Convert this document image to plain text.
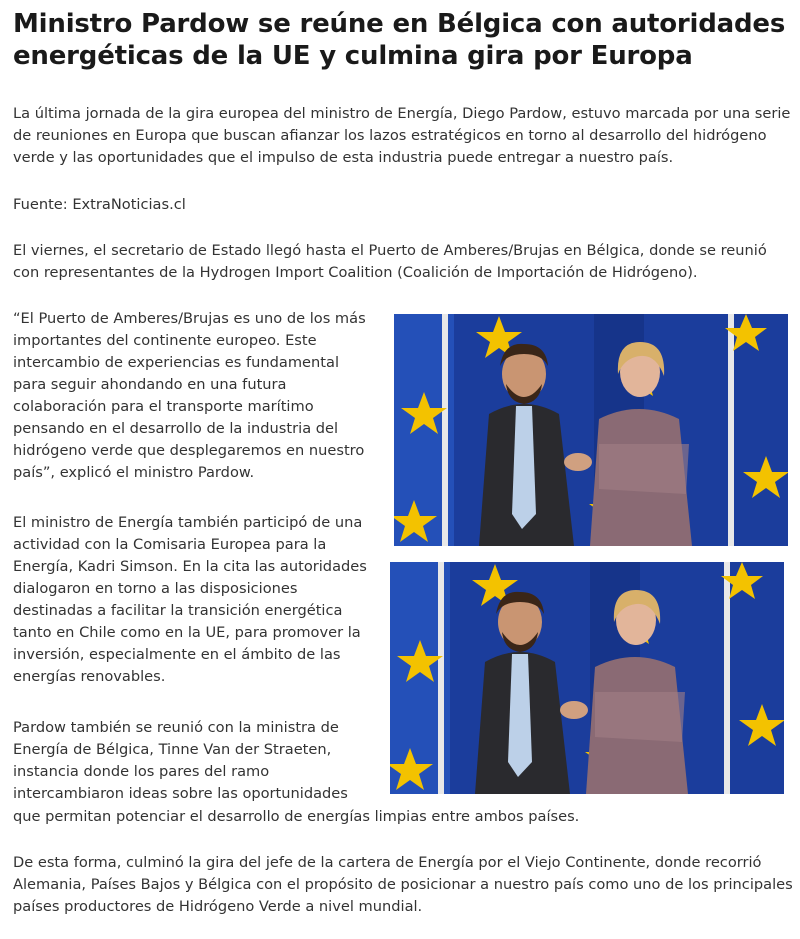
Ministro Pardow se reúne en Bélgica con autoridades energéticas de la UE y culmina gira por Europa

La última jornada de la gira europea del ministro de Energía, Diego Pardow, estuvo marcada por una serie de reuniones en Europa que buscan afianzar los lazos estratégicos en torno al desarrollo del hidrógeno verde y las oportunidades que el impulso de esta industria puede entregar a nuestro país.

Fuente: ExtraNoticias.cl

El viernes, el secretario de Estado llegó hasta el Puerto de Amberes/Brujas en Bélgica, donde se reunió con representantes de la Hydrogen Import Coalition (Coalición de Importación de Hidrógeno).

“El Puerto de Amberes/Brujas es uno de los más importantes del continente europeo. Este intercambio de experiencias es fundamental para seguir ahondando en una futura colaboración para el transporte marítimo pensando en el desarrollo de la industria del hidrógeno verde que desplegaremos en nuestro país”, explicó el ministro Pardow.

El ministro de Energía también participó de una actividad con la Comisaria Europea para la Energía, Kadri Simson. En la cita las autoridades dialogaron en torno a las disposiciones destinadas a facilitar la transición energética tanto en Chile como en la UE, para promover la inversión, especialmente en el ámbito de las energías renovables.

Pardow también se reunió con la ministra de Energía de Bélgica, Tinne Van der Straeten, instancia donde los pares del ramo intercambiaron ideas sobre las oportunidades

que permitan potenciar el desarrollo de energías limpias entre ambos países.

De esta forma, culminó la gira del jefe de la cartera de Energía por el Viejo Continente, donde recorrió Alemania, Países Bajos y Bélgica con el propósito de posicionar a nuestro país como uno de los principales países productores de Hidrógeno Verde a nivel mundial.
